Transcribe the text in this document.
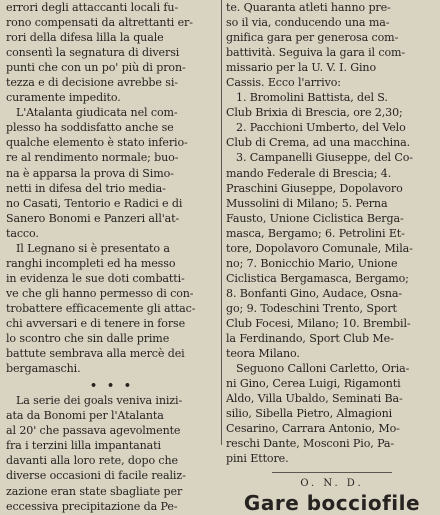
errori degli attaccanti locali fu-
rono compensati da altrettanti er-
rori della difesa lilla la quale
consentì la segnatura di diversi
punti che con un po' più di pron-
tezza e di decisione avrebbe si-
curamente impedito.
L'Atalanta giudicata nel com-
plesso ha soddisfatto anche se
qualche elemento è stato inferio-
re al rendimento normale; buo-
na è apparsa la prova di Simo-
netti in difesa del trio media-
no Casati, Tentorio e Radici e di
Sanero Bonomi e Panzeri all'at-
tacco.
Il Legnano si è presentato a
ranghi incompleti ed ha messo
in evidenza le sue doti combatti-
ve che gli hanno permesso di con-
trobattere efficacemente gli attac-
chi avversari e di tenere in forse
lo scontro che sin dalle prime
battute sembrava alla mercè dei
bergamaschi.
• • •
La serie dei goals veniva inizi-
ata da Bonomi per l'Atalanta
al 20' che passava agevolmente
fra i terzini lilla impantanati
davanti alla loro rete, dopo che
diverse occasioni di facile realiz-
zazione eran state sbagliate per
eccessiva precipitazione da Pe-
te. Quaranta atleti hanno pre-
so il via, conducendo una ma-
gnifica gara per generosa com-
battività. Seguiva la gara il com-
missario per la U. V. I. Gino
Cassis. Ecco l'arrivo:
1. Bromolini Battista, del S.
Club Brixia di Brescia, ore 2,30;
2. Pacchioni Umberto, del Velo
Club di Crema, ad una macchina.
3. Campanelli Giuseppe, del Co-
mando Federale di Brescia; 4.
Praschini Giuseppe, Dopolavoro
Mussolini di Milano; 5. Perna
Fausto, Unione Ciclistica Berga-
masca, Bergamo; 6. Petrolini Et-
tore, Dopolavoro Comunale, Mila-
no; 7. Bonicchio Mario, Unione
Ciclistica Bergamasca, Bergamo;
8. Bonfanti Gino, Audace, Osna-
go; 9. Todeschini Trento, Sport
Club Focesi, Milano; 10. Brembil-
la Ferdinando, Sport Club Me-
teora Milano.
Seguono Calloni Carletto, Oria-
ni Gino, Cerea Luigi, Rigamonti
Aldo, Villa Ubaldo, Seminati Ba-
silio, Sibella Pietro, Almagioni
Cesarino, Carrara Antonio, Mo-
reschi Dante, Mosconi Pio, Pa-
pini Ettore.
O. N. D.
Gare bocciofile
